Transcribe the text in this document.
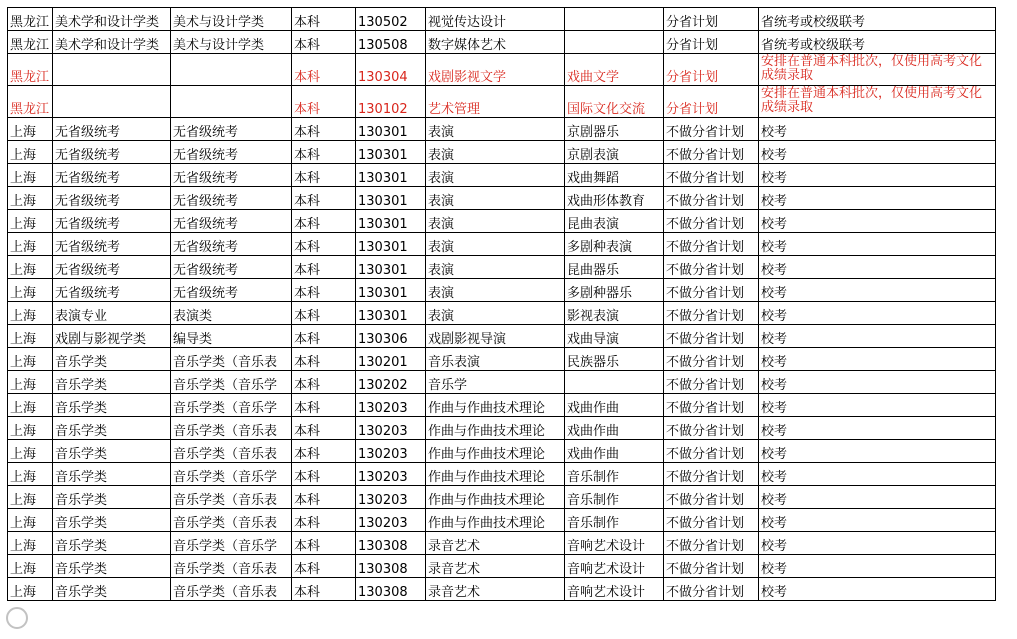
黑龙江	美术学和设计学类	美术与设计学类	本科	130502	视觉传达设计		分省计划	省统考或校级联考
黑龙江	美术学和设计学类	美术与设计学类	本科	130508	数字媒体艺术		分省计划	省统考或校级联考
黑龙江			本科	130304	戏剧影视文学	戏曲文学	分省计划	安排在普通本科批次，仅使用高考文化成绩录取
黑龙江			本科	130102	艺术管理	国际文化交流	分省计划	安排在普通本科批次，仅使用高考文化成绩录取
上海	无省级统考	无省级统考	本科	130301	表演	京剧器乐	不做分省计划	校考
上海	无省级统考	无省级统考	本科	130301	表演	京剧表演	不做分省计划	校考
上海	无省级统考	无省级统考	本科	130301	表演	戏曲舞蹈	不做分省计划	校考
上海	无省级统考	无省级统考	本科	130301	表演	戏曲形体教育	不做分省计划	校考
上海	无省级统考	无省级统考	本科	130301	表演	昆曲表演	不做分省计划	校考
上海	无省级统考	无省级统考	本科	130301	表演	多剧种表演	不做分省计划	校考
上海	无省级统考	无省级统考	本科	130301	表演	昆曲器乐	不做分省计划	校考
上海	无省级统考	无省级统考	本科	130301	表演	多剧种器乐	不做分省计划	校考
上海	表演专业	表演类	本科	130301	表演	影视表演	不做分省计划	校考
上海	戏剧与影视学类	编导类	本科	130306	戏剧影视导演	戏曲导演	不做分省计划	校考
上海	音乐学类	音乐学类（音乐表	本科	130201	音乐表演	民族器乐	不做分省计划	校考
上海	音乐学类	音乐学类（音乐学	本科	130202	音乐学		不做分省计划	校考
上海	音乐学类	音乐学类（音乐学	本科	130203	作曲与作曲技术理论	戏曲作曲	不做分省计划	校考
上海	音乐学类	音乐学类（音乐表	本科	130203	作曲与作曲技术理论	戏曲作曲	不做分省计划	校考
上海	音乐学类	音乐学类（音乐表	本科	130203	作曲与作曲技术理论	戏曲作曲	不做分省计划	校考
上海	音乐学类	音乐学类（音乐学	本科	130203	作曲与作曲技术理论	音乐制作	不做分省计划	校考
上海	音乐学类	音乐学类（音乐表	本科	130203	作曲与作曲技术理论	音乐制作	不做分省计划	校考
上海	音乐学类	音乐学类（音乐表	本科	130203	作曲与作曲技术理论	音乐制作	不做分省计划	校考
上海	音乐学类	音乐学类（音乐学	本科	130308	录音艺术	音响艺术设计	不做分省计划	校考
上海	音乐学类	音乐学类（音乐表	本科	130308	录音艺术	音响艺术设计	不做分省计划	校考
上海	音乐学类	音乐学类（音乐表	本科	130308	录音艺术	音响艺术设计	不做分省计划	校考
